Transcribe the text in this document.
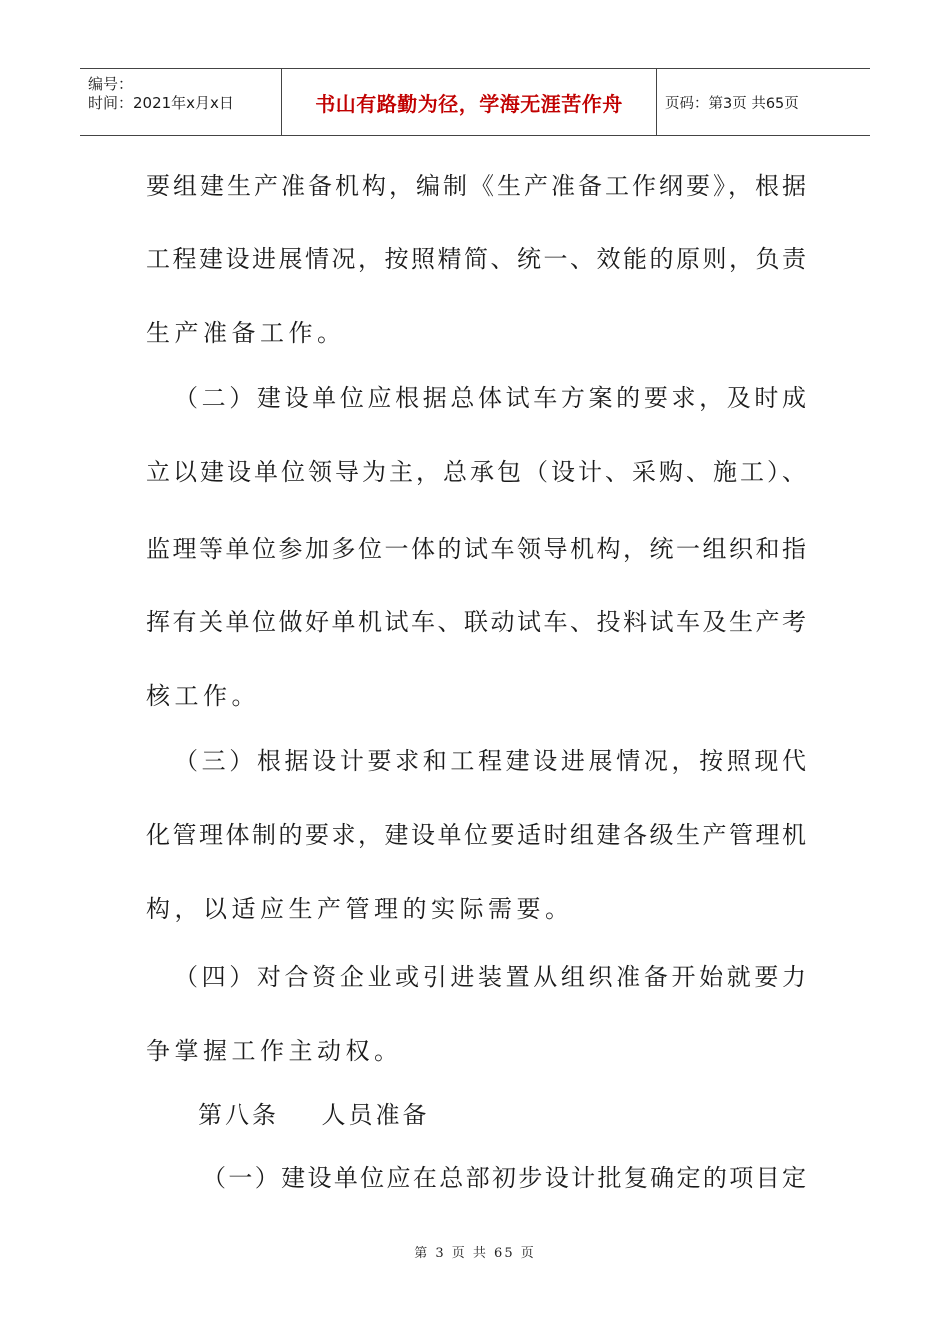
编号：
时间：2021年x月x日	书山有路勤为径，学海无涯苦作舟	页码：第3页 共65页
要组建生产准备机构，编制《生产准备工作纲要》，根据
工程建设进展情况，按照精简、统一、效能的原则，负责
生产准备工作。
（二）建设单位应根据总体试车方案的要求，及时成
立以建设单位领导为主，总承包（设计、采购、施工）、
监理等单位参加多位一体的试车领导机构，统一组织和指
挥有关单位做好单机试车、联动试车、投料试车及生产考
核工作。
（三）根据设计要求和工程建设进展情况，按照现代
化管理体制的要求，建设单位要适时组建各级生产管理机
构，以适应生产管理的实际需要。
（四）对合资企业或引进装置从组织准备开始就要力
争掌握工作主动权。
第八条    人员准备
（一）建设单位应在总部初步设计批复确定的项目定
第 3 页 共 65 页
